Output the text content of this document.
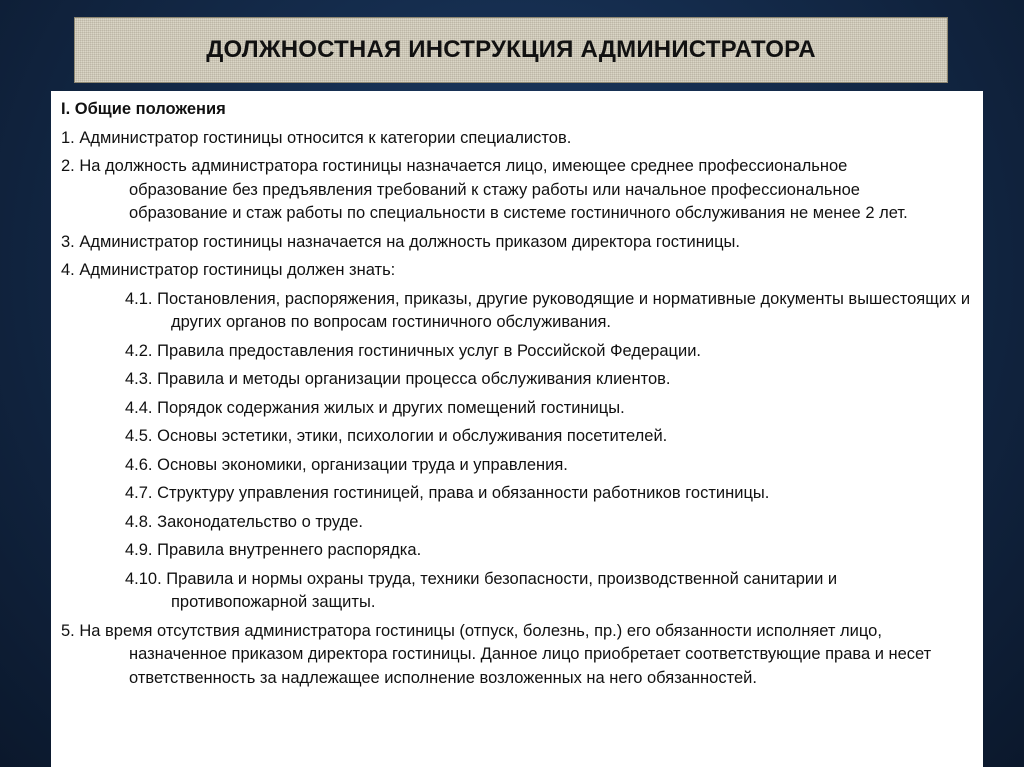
ДОЛЖНОСТНАЯ ИНСТРУКЦИЯ АДМИНИСТРАТОРА
I. Общие положения
1. Администратор гостиницы относится к категории специалистов.
2. На должность администратора гостиницы назначается лицо, имеющее среднее профессиональное образование без предъявления требований к стажу работы или начальное профессиональное образование и стаж работы по специальности в системе гостиничного обслуживания не менее 2 лет.
3. Администратор гостиницы назначается на должность приказом директора гостиницы.
4. Администратор гостиницы должен знать:
4.1. Постановления, распоряжения, приказы, другие руководящие и нормативные документы вышестоящих и других органов по вопросам гостиничного обслуживания.
4.2. Правила предоставления гостиничных услуг в Российской Федерации.
4.3. Правила и методы организации процесса обслуживания клиентов.
4.4. Порядок содержания жилых и других помещений гостиницы.
4.5. Основы эстетики, этики, психологии и обслуживания посетителей.
4.6. Основы экономики, организации труда и управления.
4.7. Структуру управления гостиницей, права и обязанности работников гостиницы.
4.8. Законодательство о труде.
4.9. Правила внутреннего распорядка.
4.10. Правила и нормы охраны труда, техники безопасности, производственной санитарии и противопожарной защиты.
5. На время отсутствия администратора гостиницы (отпуск, болезнь, пр.) его обязанности исполняет лицо, назначенное приказом директора гостиницы. Данное лицо приобретает соответствующие права и несет ответственность за надлежащее исполнение возложенных на него обязанностей.
